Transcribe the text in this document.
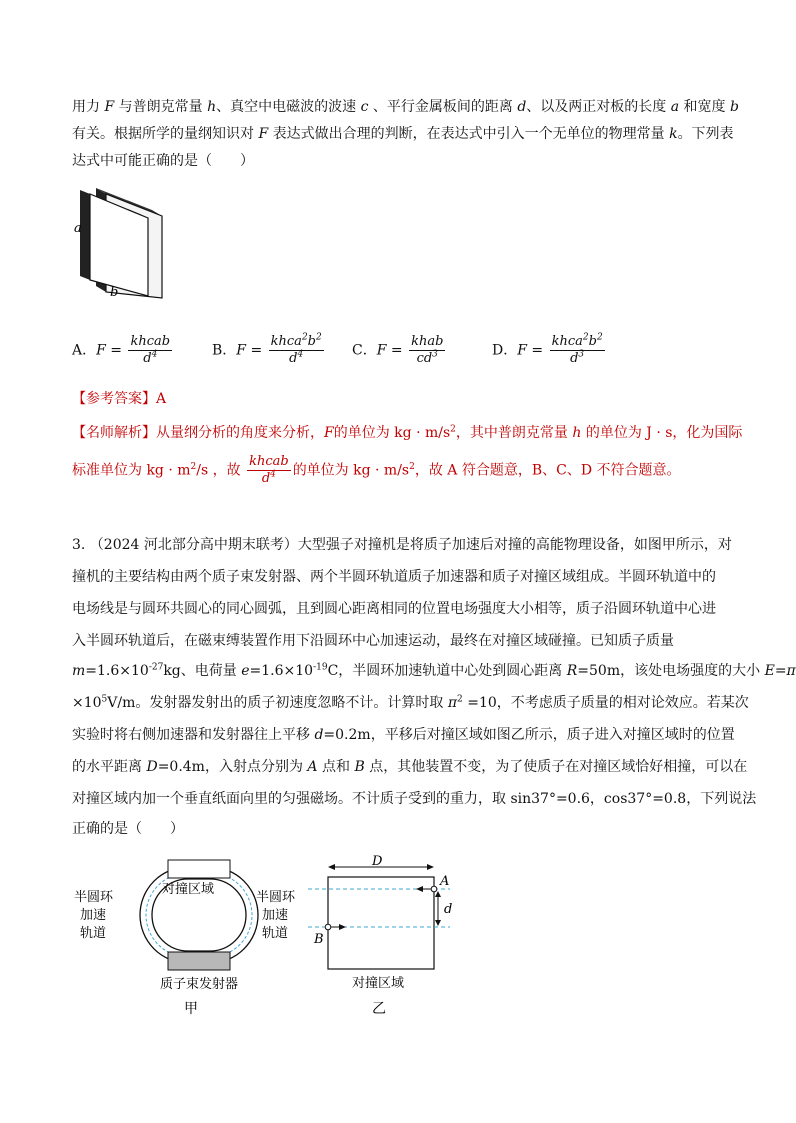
用力 F 与普朗克常量 h、真空中电磁波的波速 c 、平行金属板间的距离 d、以及两正对板的长度 a 和宽度 b
有关。根据所学的量纲知识对 F 表达式做出合理的判断，在表达式中引入一个无单位的物理常量 k。下列表
达式中可能正确的是（　　）
a
b
A．$F = \frac{\text{khcab}}{d^4}$	B．$F = \frac{khca^2b^2}{d^4}$ C．$F = \frac{\text{khab}}{cd^3}$	D．$F = \frac{khca^2b^2}{d^3}$
【参考答案】A
【名师解析】从量纲分析的角度来分析，F的单位为 kg · $m/s^2$，其中普朗克常量 h 的单位为 J · s，化为国际
标准单位为 kg · $m^2/s$ ，故 $\frac{\text{khcab}}{d^4}$ 的单位为 kg · $m/s^2$，故 A 符合题意，B、C、D 不符合题意。
3. （2024 河北部分高中期末联考）大型强子对撞机是将质子加速后对撞的高能物理设备，如图甲所示，对
撞机的主要结构由两个质子束发射器、两个半圆环轨道质子加速器和质子对撞区域组成。半圆环轨道中的
电场线是与圆环共圆心的同心圆弧，且到圆心距离相同的位置电场强度大小相等，质子沿圆环轨道中心进
入半圆环轨道后，在磁束缚装置作用下沿圆环中心加速运动，最终在对撞区域碰撞。已知质子质量
$m=1.6\times 10^{-27}kg$、电荷量 $e=1.6\times 10^{-19}C$，半圆环加速轨道中心处到圆心距离 R=50m，该处电场强度的大小 E=π
$\times 10^5V/m$。发射器发射出的质子初速度忽略不计。计算时取 $\pi^2 =10$，不考虑质子质量的相对论效应。若某次
实验时将右侧加速器和发射器往上平移 d=0.2m，平移后对撞区域如图乙所示，质子进入对撞区域时的位置
的水平距离 D=0.4m，入射点分别为 A 点和 B 点，其他装置不变，为了使质子在对撞区域恰好相撞，可以在
对撞区域内加一个垂直纸面向里的匀强磁场。不计质子受到的重力，取 sin37°=0.6，cos37°=0.8，下列说法
正确的是（　　）
对撞区域
半圆环
加速
轨道
半圆环
加速
轨道
质子束发射器
甲
D
A
d
B
对撞区域
乙
